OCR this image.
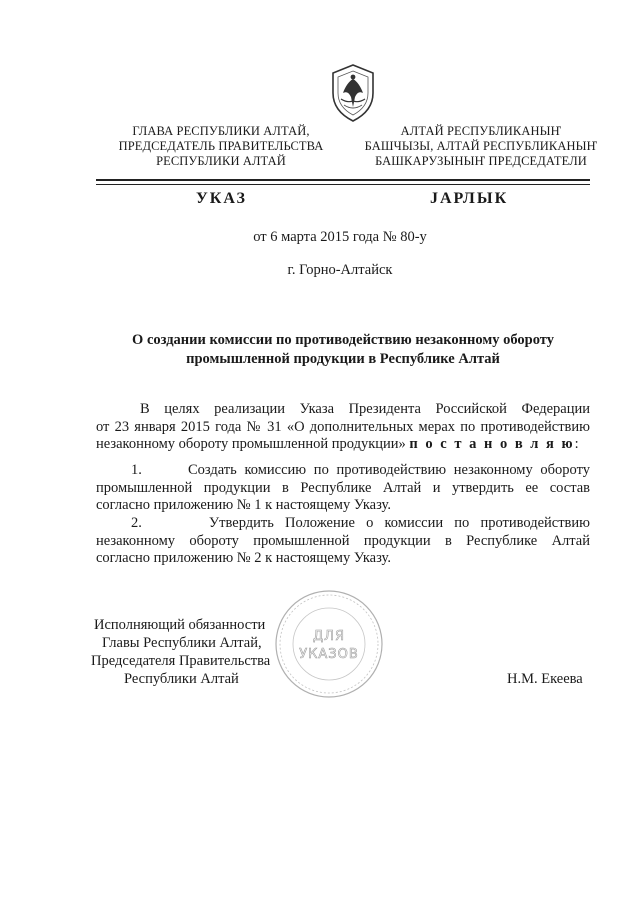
ГЛАВА РЕСПУБЛИКИ АЛТАЙ,
ПРЕДСЕДАТЕЛЬ ПРАВИТЕЛЬСТВА
РЕСПУБЛИКИ АЛТАЙ
АЛТАЙ РЕСПУБЛИКАНЫҤ
БАШЧЫЗЫ, АЛТАЙ РЕСПУБЛИКАНЫҤ
БАШКАРУЗЫНЫҤ ПРЕДСЕДАТЕЛИ
УКАЗ	JАРЛЫК
от 6 марта 2015 года № 80-у
г. Горно-Алтайск
О создании комиссии по противодействию незаконному обороту
промышленной продукции в Республике Алтай
В целях реализации Указа Президента Российской Федерации
от 23 января 2015 года № 31 «О дополнительных мерах по противодействию
незаконному обороту промышленной продукции» п о с т а н о в л я ю:
1.      Создать комиссию по противодействию незаконному обороту
промышленной продукции в Республике Алтай и утвердить ее состав
согласно приложению № 1 к настоящему Указу.
2.      Утвердить Положение о комиссии по противодействию
незаконному обороту промышленной продукции в Республике Алтай
согласно приложению № 2 к настоящему Указу.
ДЛЯ
УКАЗОВ
Исполняющий обязанности
Главы Республики Алтай,
Председателя Правительства
Республики Алтай	Н.М. Екеева
